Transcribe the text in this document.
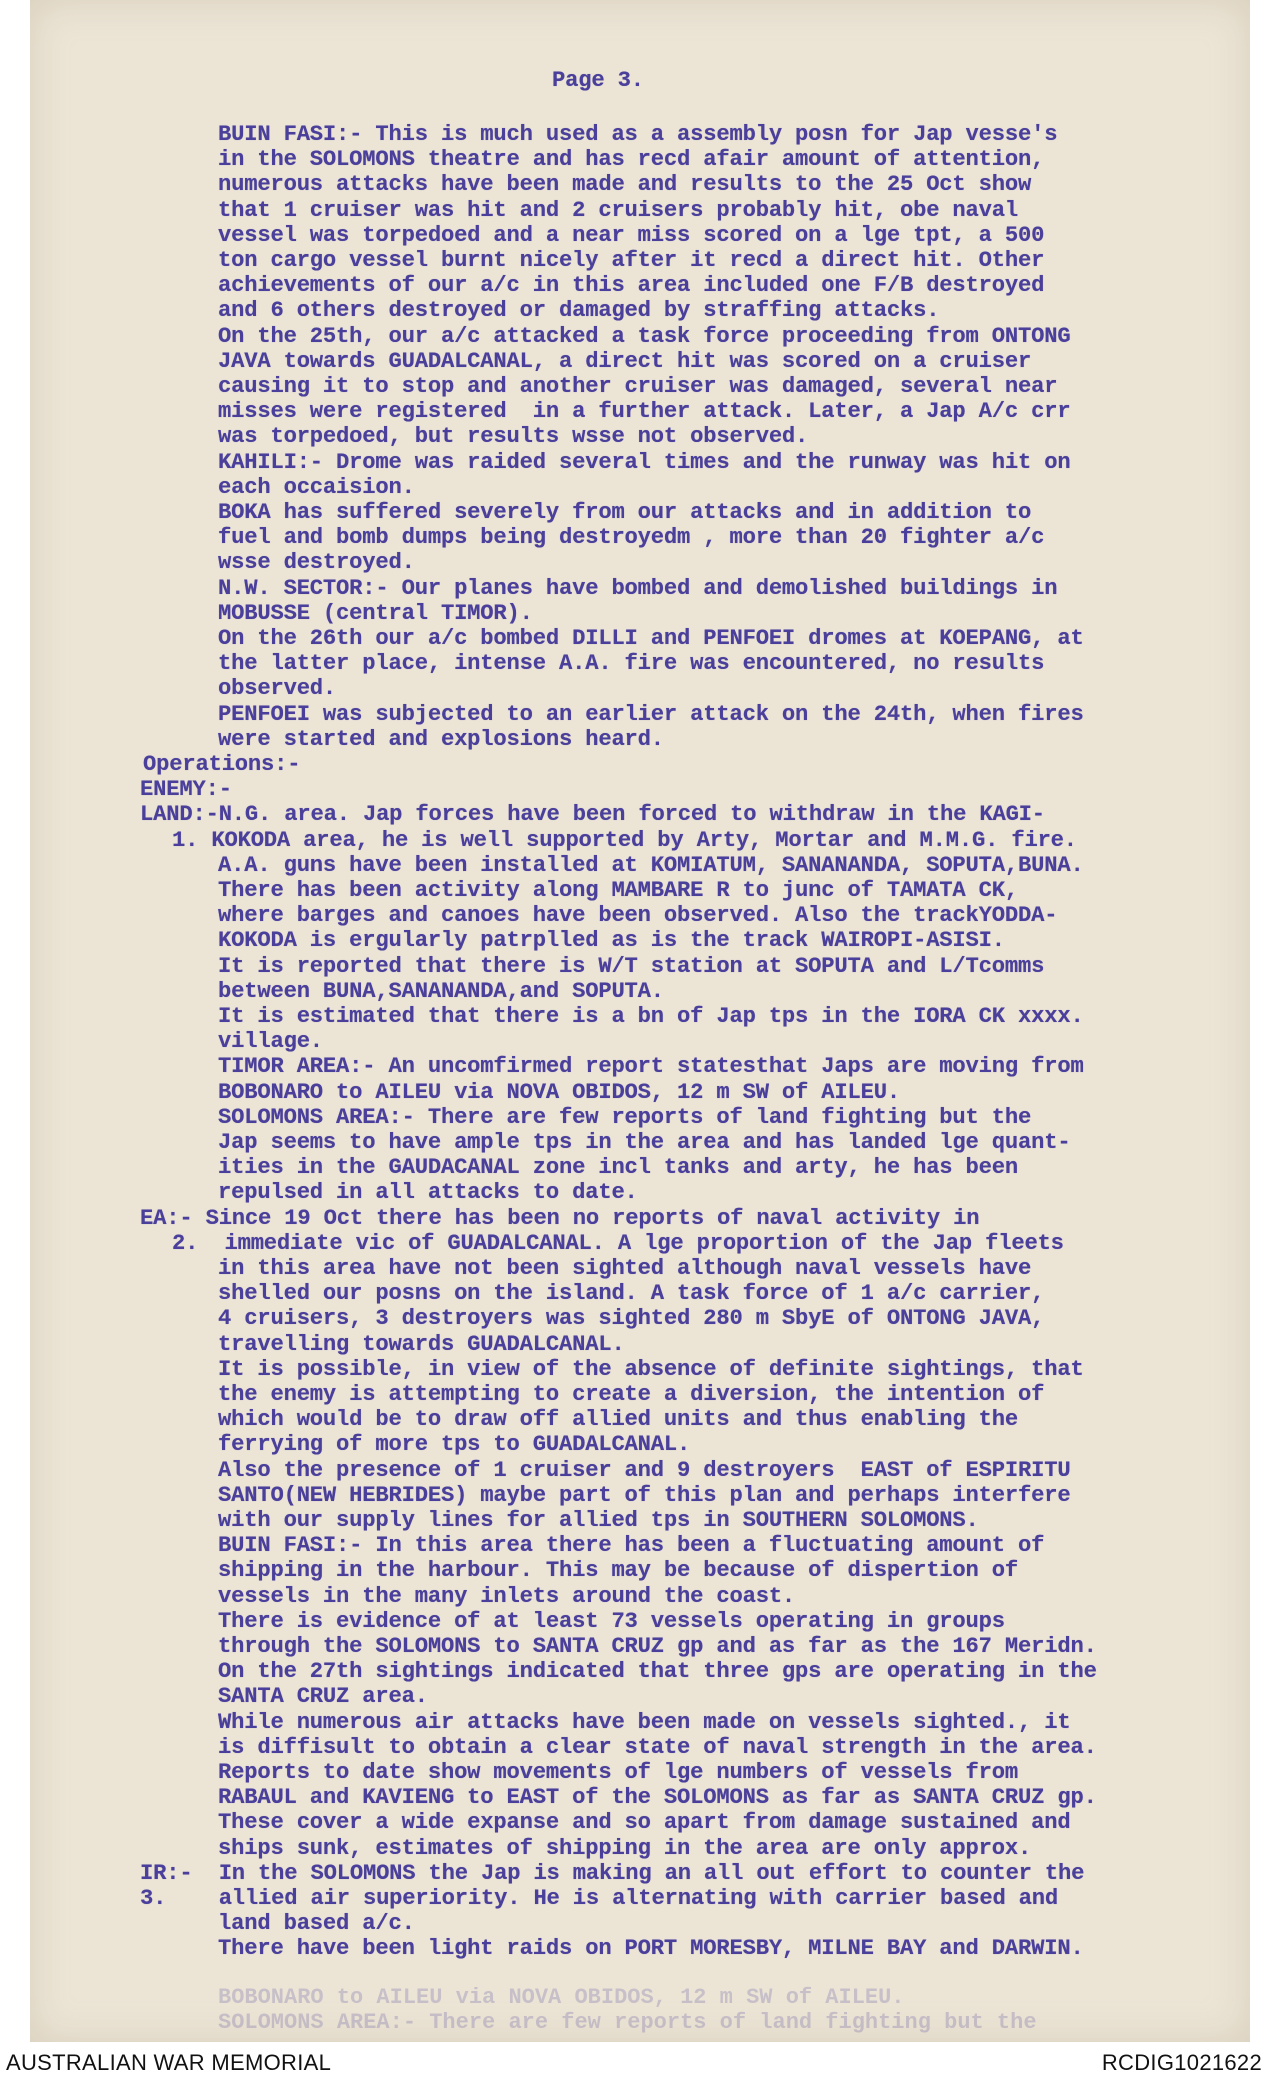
Page 3.
BUIN FASI:- This is much used as a assembly posn for Jap vesse's
in the SOLOMONS theatre and has recd afair amount of attention,
numerous attacks have been made and results to the 25 Oct show
that 1 cruiser was hit and 2 cruisers probably hit, obe naval
vessel was torpedoed and a near miss scored on a lge tpt, a 500
ton cargo vessel burnt nicely after it recd a direct hit. Other
achievements of our a/c in this area included one F/B destroyed
and 6 others destroyed or damaged by straffing attacks.
On the 25th, our a/c attacked a task force proceeding from ONTONG
JAVA towards GUADALCANAL, a direct hit was scored on a cruiser
causing it to stop and another cruiser was damaged, several near
misses were registered  in a further attack. Later, a Jap A/c crr
was torpedoed, but results wsse not observed.
KAHILI:- Drome was raided several times and the runway was hit on
each occaision.
BOKA has suffered severely from our attacks and in addition to
fuel and bomb dumps being destroyedm , more than 20 fighter a/c
wsse destroyed.
N.W. SECTOR:- Our planes have bombed and demolished buildings in
MOBUSSE (central TIMOR).
On the 26th our a/c bombed DILLI and PENFOEI dromes at KOEPANG, at
the latter place, intense A.A. fire was encountered, no results
observed.
PENFOEI was subjected to an earlier attack on the 24th, when fires
were started and explosions heard.
Operations:-
ENEMY:-
LAND:-N.G. area. Jap forces have been forced to withdraw in the KAGI-
1. KOKODA area, he is well supported by Arty, Mortar and M.M.G. fire.
A.A. guns have been installed at KOMIATUM, SANANANDA, SOPUTA,BUNA.
There has been activity along MAMBARE R to junc of TAMATA CK,
where barges and canoes have been observed. Also the trackYODDA-
KOKODA is ergularly patrplled as is the track WAIROPI-ASISI.
It is reported that there is W/T station at SOPUTA and L/Tcomms
between BUNA,SANANANDA,and SOPUTA.
It is estimated that there is a bn of Jap tps in the IORA CK xxxx.
village.
TIMOR AREA:- An uncomfirmed report statesthat Japs are moving from
BOBONARO to AILEU via NOVA OBIDOS, 12 m SW of AILEU.
SOLOMONS AREA:- There are few reports of land fighting but the
Jap seems to have ample tps in the area and has landed lge quant-
ities in the GAUDACANAL zone incl tanks and arty, he has been
repulsed in all attacks to date.
EA:- Since 19 Oct there has been no reports of naval activity in
2.  immediate vic of GUADALCANAL. A lge proportion of the Jap fleets
in this area have not been sighted although naval vessels have
shelled our posns on the island. A task force of 1 a/c carrier,
4 cruisers, 3 destroyers was sighted 280 m SbyE of ONTONG JAVA,
travelling towards GUADALCANAL.
It is possible, in view of the absence of definite sightings, that
the enemy is attempting to create a diversion, the intention of
which would be to draw off allied units and thus enabling the
ferrying of more tps to GUADALCANAL.
Also the presence of 1 cruiser and 9 destroyers  EAST of ESPIRITU
SANTO(NEW HEBRIDES) maybe part of this plan and perhaps interfere
with our supply lines for allied tps in SOUTHERN SOLOMONS.
BUIN FASI:- In this area there has been a fluctuating amount of
shipping in the harbour. This may be because of dispertion of
vessels in the many inlets around the coast.
There is evidence of at least 73 vessels operating in groups
through the SOLOMONS to SANTA CRUZ gp and as far as the 167 Meridn.
On the 27th sightings indicated that three gps are operating in the
SANTA CRUZ area.
While numerous air attacks have been made on vessels sighted., it
is diffisult to obtain a clear state of naval strength in the area.
Reports to date show movements of lge numbers of vessels from
RABAUL and KAVIENG to EAST of the SOLOMONS as far as SANTA CRUZ gp.
These cover a wide expanse and so apart from damage sustained and
ships sunk, estimates of shipping in the area are only approx.
IR:-  In the SOLOMONS the Jap is making an all out effort to counter the
3.    allied air superiority. He is alternating with carrier based and
land based a/c.
There have been light raids on PORT MORESBY, MILNE BAY and DARWIN.
BOBONARO to AILEU via NOVA OBIDOS, 12 m SW of AILEU.
SOLOMONS AREA:- There are few reports of land fighting but the
AUSTRALIAN WAR MEMORIAL	RCDIG1021622
